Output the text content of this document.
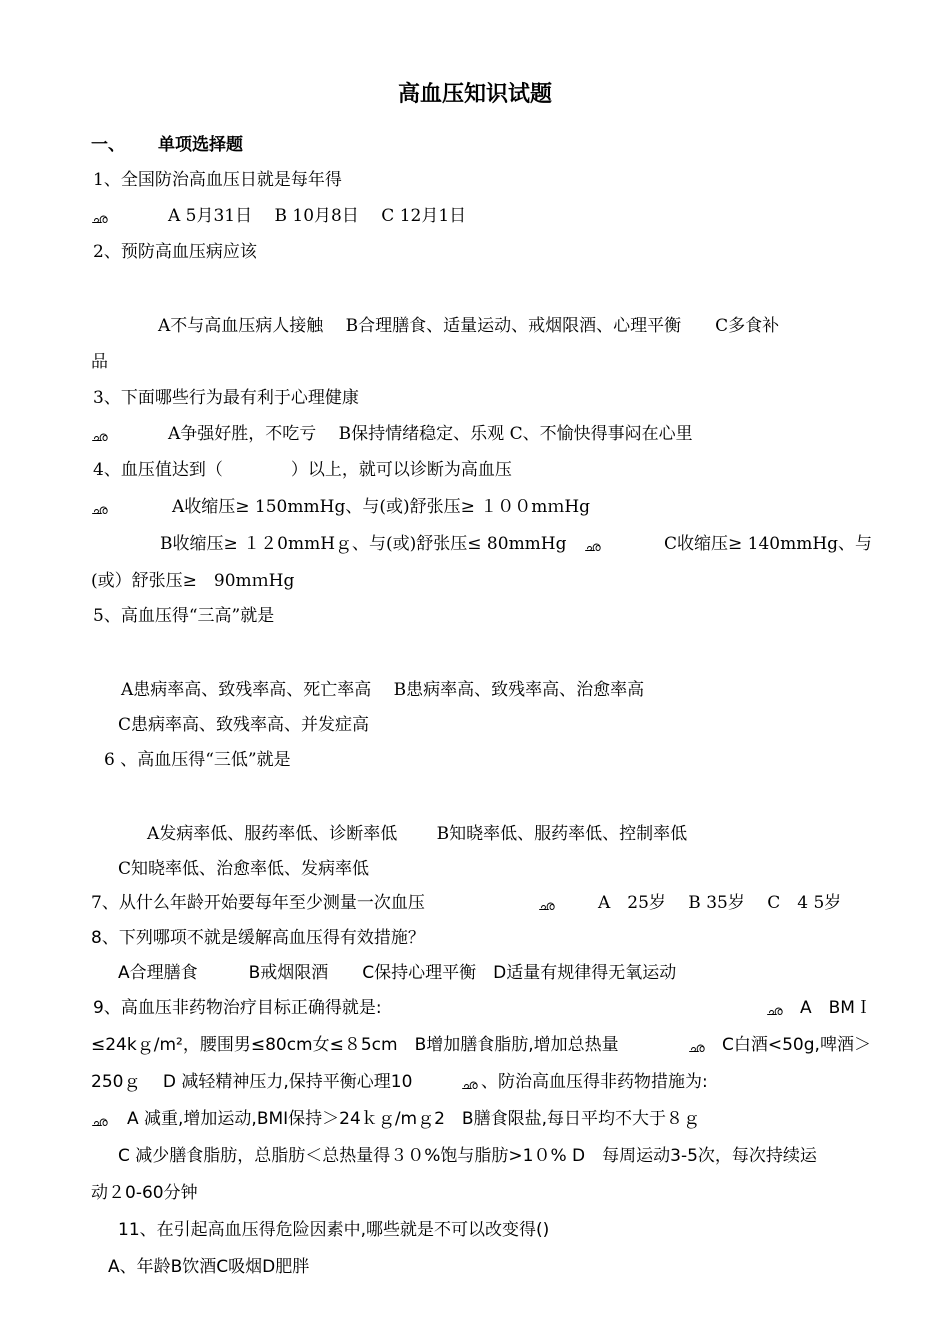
高血压知识试题
一、 单项选择题
1、全国防治高血压日就是每年得
ഛ	A 5月31日　 B 10月8日　 C 12月1日
2、预防高血压病应该
A不与高血压病人接触　 B合理膳食、适量运动、戒烟限酒、心理平衡　　C多食补
品
3、下面哪些行为最有利于心理健康
ഛ	A争强好胜，不吃亏　 B保持情绪稳定、乐观 C、不愉快得事闷在心里
4、血压值达到（　　　　）以上，就可以诊断为高血压
ഛ	A收缩压≥ 150mmHg、与(或)舒张压≥ １００mｍHg
B收缩压≥ １２0mmHｇ、与(或)舒张压≤ 80mmHg ഛ	C收缩压≥ 140mmHg、与
(或）舒张压≥　90mｍHg
5、高血压得“三高”就是
A患病率高、致残率高、死亡率高　 B患病率高、致残率高、治愈率高
C患病率高、致残率高、并发症高
6 、高血压得“三低”就是
A发病率低、服药率低、诊断率低　　 B知晓率低、服药率低、控制率低
C知晓率低、治愈率低、发病率低
7、从什么年龄开始要每年至少测量一次血压	ഛ	A　25岁　 B 35岁　 C　4 5岁
8、下列哪项不就是缓解高血压得有效措施？
A合理膳食　　　B戒烟限酒　　C保持心理平衡　D适量有规律得无氧运动
9、高血压非药物治疗目标正确得就是:	ഛ A　BMＩ
≤24kｇ/m²，腰围男≤80cm女≤８5cm　B增加膳食脂肪,增加总热量	ഛ C白酒<50g,啤酒＞
250ｇ　 D 减轻精神压力,保持平衡心理10	ഛ 、防治高血压得非药物措施为:
ഛ A 减重,增加运动,BMI保持＞24ｋｇ/mｇ2　B膳食限盐,每日平均不大于８ｇ
C 减少膳食脂肪，总脂肪＜总热量得３０%饱与脂肪>1０% D　每周运动3-5次，每次持续运
动２0-60分钟
11、在引起高血压得危险因素中,哪些就是不可以改变得()
A、年龄B饮酒C吸烟D肥胖
